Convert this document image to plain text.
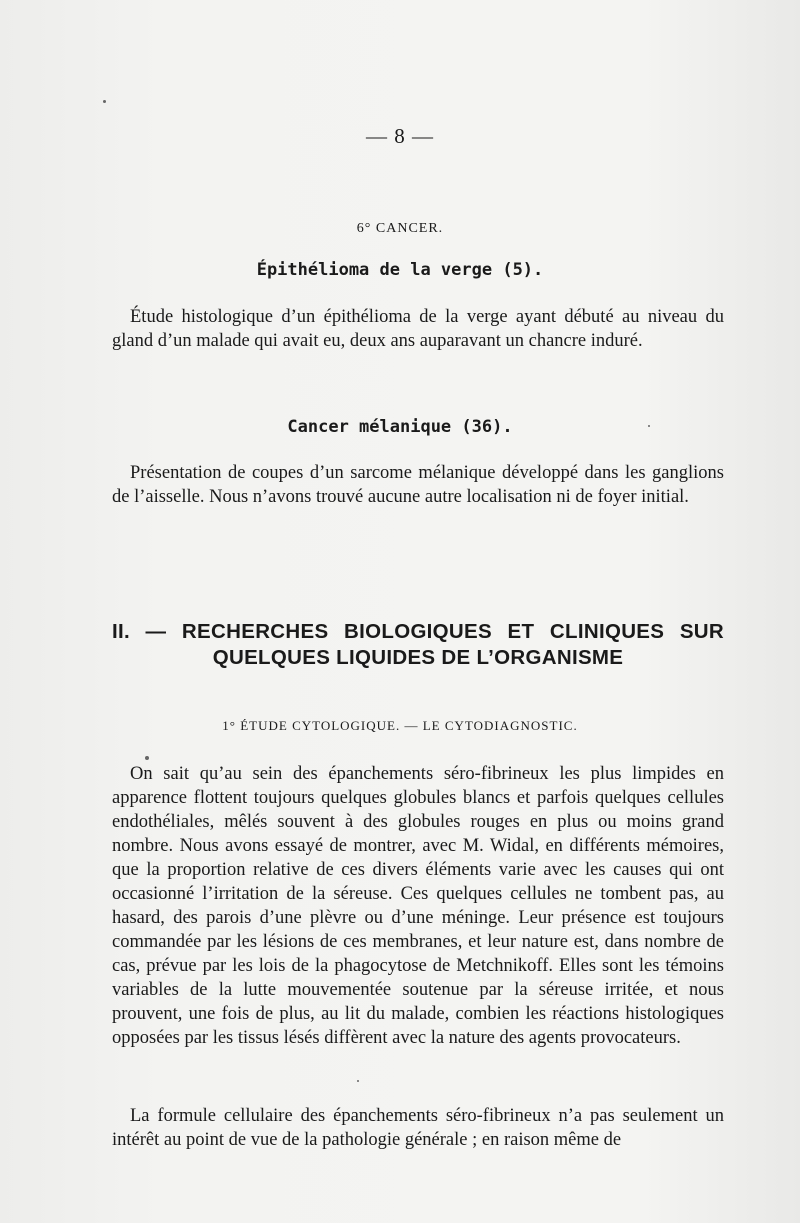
— 8 —
6° CANCER.
Épithélioma de la verge (5).

Étude histologique d’un épithélioma de la verge ayant débuté au niveau du gland d’un malade qui avait eu, deux ans auparavant un chancre induré.

Cancer mélanique (36).

Présentation de coupes d’un sarcome mélanique développé dans les ganglions de l’aisselle. Nous n’avons trouvé aucune autre localisation ni de foyer initial.

II. — RECHERCHES BIOLOGIQUES ET CLINIQUES SUR
QUELQUES LIQUIDES DE L’ORGANISME
1° ÉTUDE CYTOLOGIQUE. — LE CYTODIAGNOSTIC.

On sait qu’au sein des épanchements séro-fibrineux les plus limpides en apparence flottent toujours quelques globules blancs et parfois quelques cellules endothéliales, mêlés souvent à des globules rouges en plus ou moins grand nombre. Nous avons essayé de montrer, avec M. Widal, en différents mémoires, que la proportion relative de ces divers éléments varie avec les causes qui ont occasionné l’irritation de la séreuse. Ces quelques cellules ne tombent pas, au hasard, des parois d’une plèvre ou d’une méninge. Leur présence est toujours commandée par les lésions de ces membranes, et leur nature est, dans nombre de cas, prévue par les lois de la phagocytose de Metchnikoff. Elles sont les témoins variables de la lutte mouvementée soutenue par la séreuse irritée, et nous prouvent, une fois de plus, au lit du malade, combien les réactions histologiques opposées par les tissus lésés diffèrent avec la nature des agents provocateurs.

La formule cellulaire des épanchements séro-fibrineux n’a pas seulement un intérêt au point de vue de la pathologie générale ; en raison même de
